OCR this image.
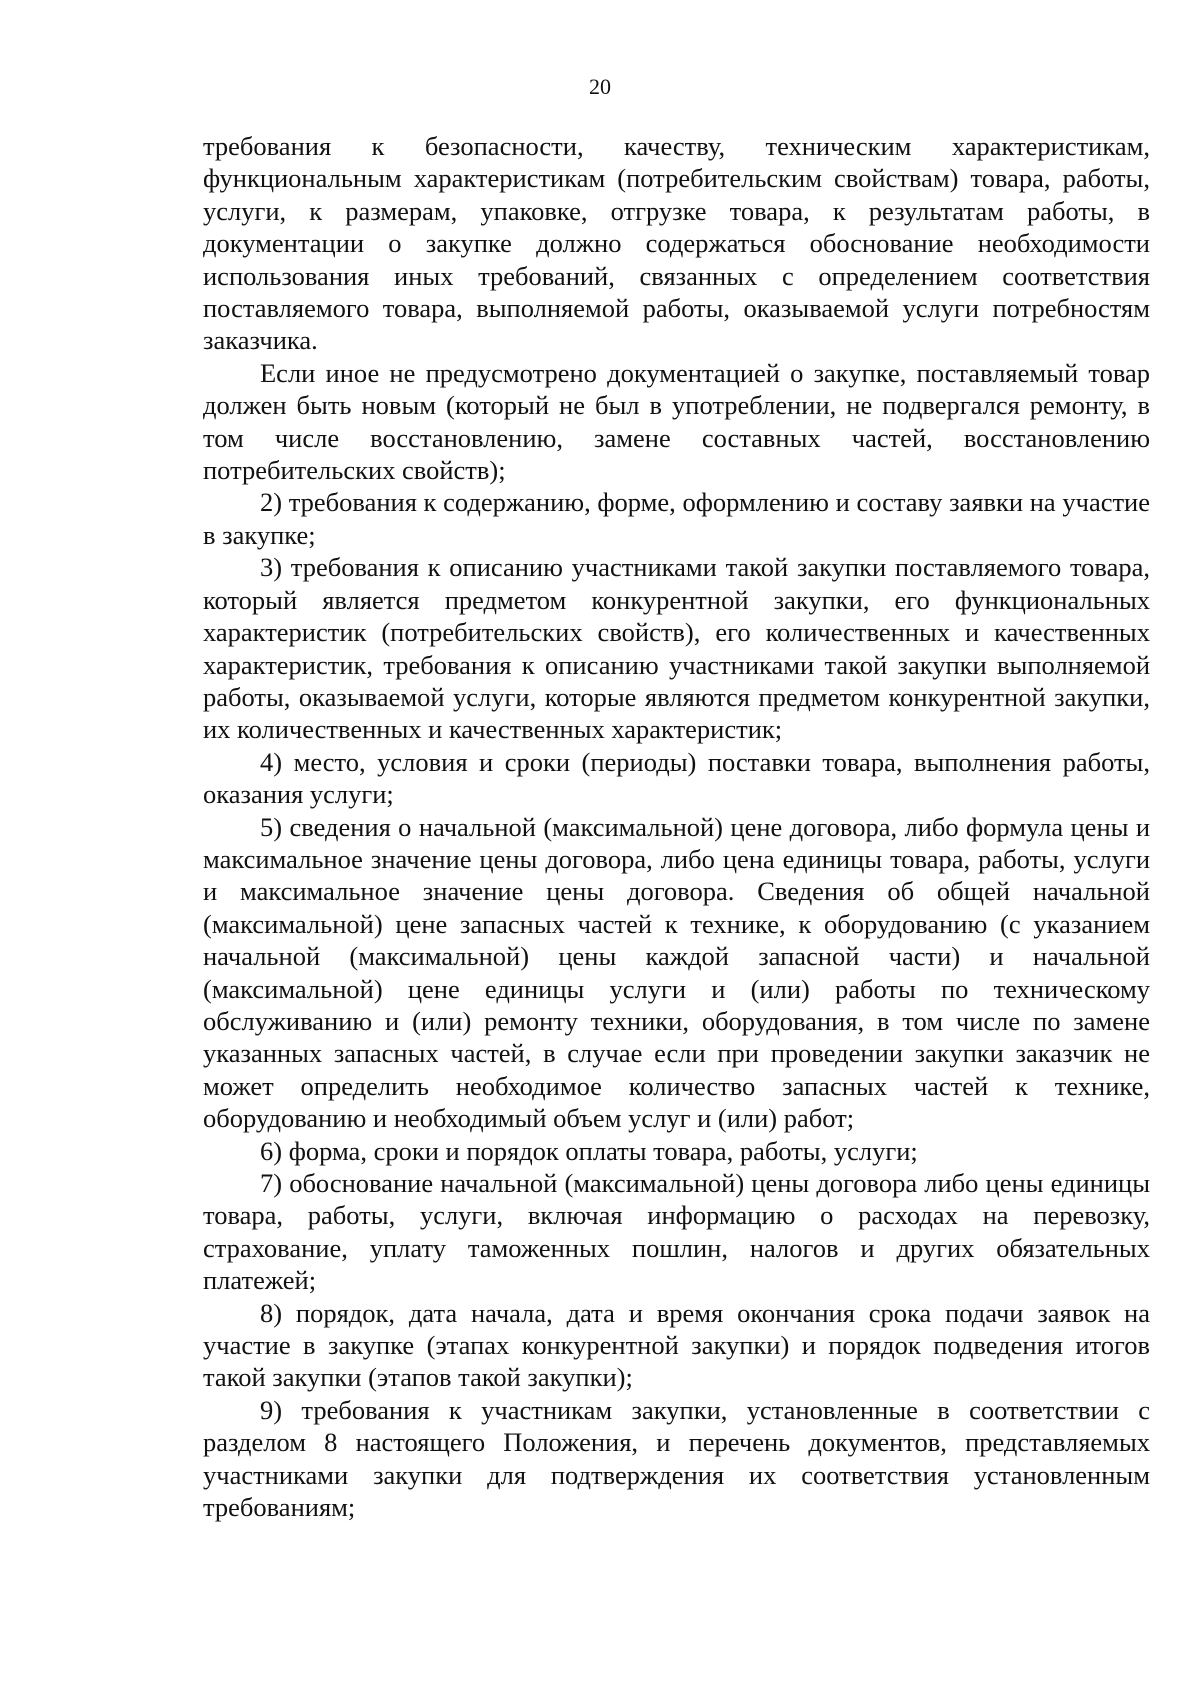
20

требования к безопасности, качеству, техническим характеристикам, функциональным характеристикам (потребительским свойствам) товара, работы, услуги, к размерам, упаковке, отгрузке товара, к результатам работы, в документации о закупке должно содержаться обоснование необходимости использования иных требований, связанных с определением соответствия поставляемого товара, выполняемой работы, оказываемой услуги потребностям заказчика.

Если иное не предусмотрено документацией о закупке, поставляемый товар должен быть новым (который не был в употреблении, не подвергался ремонту, в том числе восстановлению, замене составных частей, восстановлению потребительских свойств);

2) требования к содержанию, форме, оформлению и составу заявки на участие в закупке;

3) требования к описанию участниками такой закупки поставляемого товара, который является предметом конкурентной закупки, его функциональных характеристик (потребительских свойств), его количественных и качественных характеристик, требования к описанию участниками такой закупки выполняемой работы, оказываемой услуги, которые являются предметом конкурентной закупки, их количественных и качественных характеристик;

4) место, условия и сроки (периоды) поставки товара, выполнения работы, оказания услуги;

5) сведения о начальной (максимальной) цене договора, либо формула цены и максимальное значение цены договора, либо цена единицы товара, работы, услуги и максимальное значение цены договора. Сведения об общей начальной (максимальной) цене запасных частей к технике, к оборудованию (с указанием начальной (максимальной) цены каждой запасной части) и начальной (максимальной) цене единицы услуги и (или) работы по техническому обслуживанию и (или) ремонту техники, оборудования, в том числе по замене указанных запасных частей, в случае если при проведении закупки заказчик не может определить необходимое количество запасных частей к технике, оборудованию и необходимый объем услуг и (или) работ;

6) форма, сроки и порядок оплаты товара, работы, услуги;

7) обоснование начальной (максимальной) цены договора либо цены единицы товара, работы, услуги, включая информацию о расходах на перевозку, страхование, уплату таможенных пошлин, налогов и других обязательных платежей;

8) порядок, дата начала, дата и время окончания срока подачи заявок на участие в закупке (этапах конкурентной закупки) и порядок подведения итогов такой закупки (этапов такой закупки);

9) требования к участникам закупки, установленные в соответствии с разделом 8 настоящего Положения, и перечень документов, представляемых участниками закупки для подтверждения их соответствия установленным требованиям;
